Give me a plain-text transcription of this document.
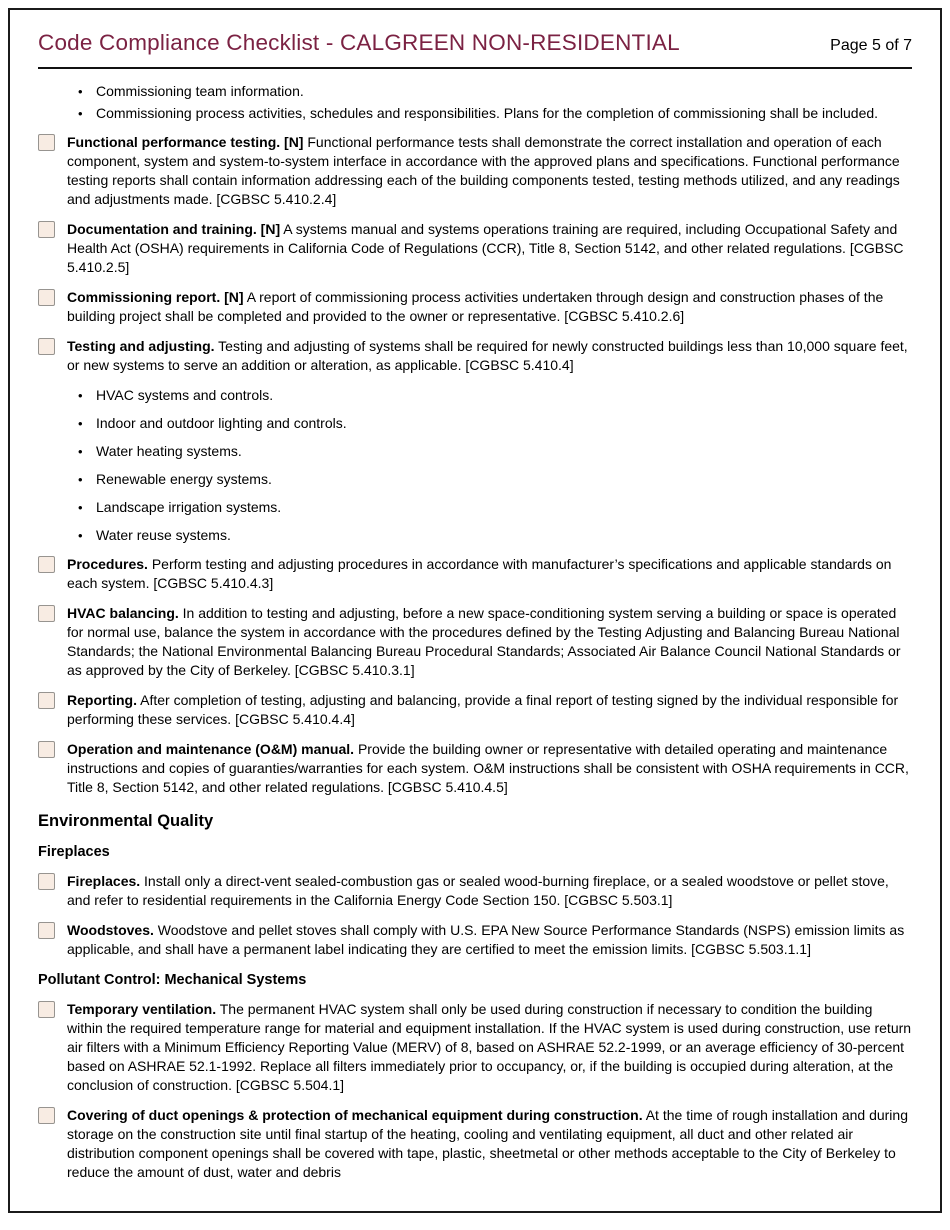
Code Compliance Checklist - CALGREEN NON-RESIDENTIAL	Page 5 of 7
• Commissioning team information.
• Commissioning process activities, schedules and responsibilities. Plans for the completion of commissioning shall be included.
Functional performance testing. [N] Functional performance tests shall demonstrate the correct installation and operation of each component, system and system-to-system interface in accordance with the approved plans and specifications. Functional performance testing reports shall contain information addressing each of the building components tested, testing methods utilized, and any readings and adjustments made. [CGBSC 5.410.2.4]
Documentation and training. [N] A systems manual and systems operations training are required, including Occupational Safety and Health Act (OSHA) requirements in California Code of Regulations (CCR), Title 8, Section 5142, and other related regulations. [CGBSC 5.410.2.5]
Commissioning report. [N] A report of commissioning process activities undertaken through design and construction phases of the building project shall be completed and provided to the owner or representative. [CGBSC 5.410.2.6]
Testing and adjusting. Testing and adjusting of systems shall be required for newly constructed buildings less than 10,000 square feet, or new systems to serve an addition or alteration, as applicable. [CGBSC 5.410.4]
• HVAC systems and controls.
• Indoor and outdoor lighting and controls.
• Water heating systems.
• Renewable energy systems.
• Landscape irrigation systems.
• Water reuse systems.
Procedures. Perform testing and adjusting procedures in accordance with manufacturer’s specifications and applicable standards on each system. [CGBSC 5.410.4.3]
HVAC balancing. In addition to testing and adjusting, before a new space-conditioning system serving a building or space is operated for normal use, balance the system in accordance with the procedures defined by the Testing Adjusting and Balancing Bureau National Standards; the National Environmental Balancing Bureau Procedural Standards; Associated Air Balance Council National Standards or as approved by the City of Berkeley. [CGBSC 5.410.3.1]
Reporting. After completion of testing, adjusting and balancing, provide a final report of testing signed by the individual responsible for performing these services. [CGBSC 5.410.4.4]
Operation and maintenance (O&M) manual. Provide the building owner or representative with detailed operating and maintenance instructions and copies of guaranties/warranties for each system. O&M instructions shall be consistent with OSHA requirements in CCR, Title 8, Section 5142, and other related regulations. [CGBSC 5.410.4.5]
Environmental Quality
Fireplaces
Fireplaces. Install only a direct-vent sealed-combustion gas or sealed wood-burning fireplace, or a sealed woodstove or pellet stove, and refer to residential requirements in the California Energy Code Section 150. [CGBSC 5.503.1]
Woodstoves. Woodstove and pellet stoves shall comply with U.S. EPA New Source Performance Standards (NSPS) emission limits as applicable, and shall have a permanent label indicating they are certified to meet the emission limits. [CGBSC 5.503.1.1]
Pollutant Control: Mechanical Systems
Temporary ventilation. The permanent HVAC system shall only be used during construction if necessary to condition the building within the required temperature range for material and equipment installation. If the HVAC system is used during construction, use return air filters with a Minimum Efficiency Reporting Value (MERV) of 8, based on ASHRAE 52.2-1999, or an average efficiency of 30-percent based on ASHRAE 52.1-1992. Replace all filters immediately prior to occupancy, or, if the building is occupied during alteration, at the conclusion of construction. [CGBSC 5.504.1]
Covering of duct openings & protection of mechanical equipment during construction. At the time of rough installation and during storage on the construction site until final startup of the heating, cooling and ventilating equipment, all duct and other related air distribution component openings shall be covered with tape, plastic, sheetmetal or other methods acceptable to the City of Berkeley to reduce the amount of dust, water and debris
